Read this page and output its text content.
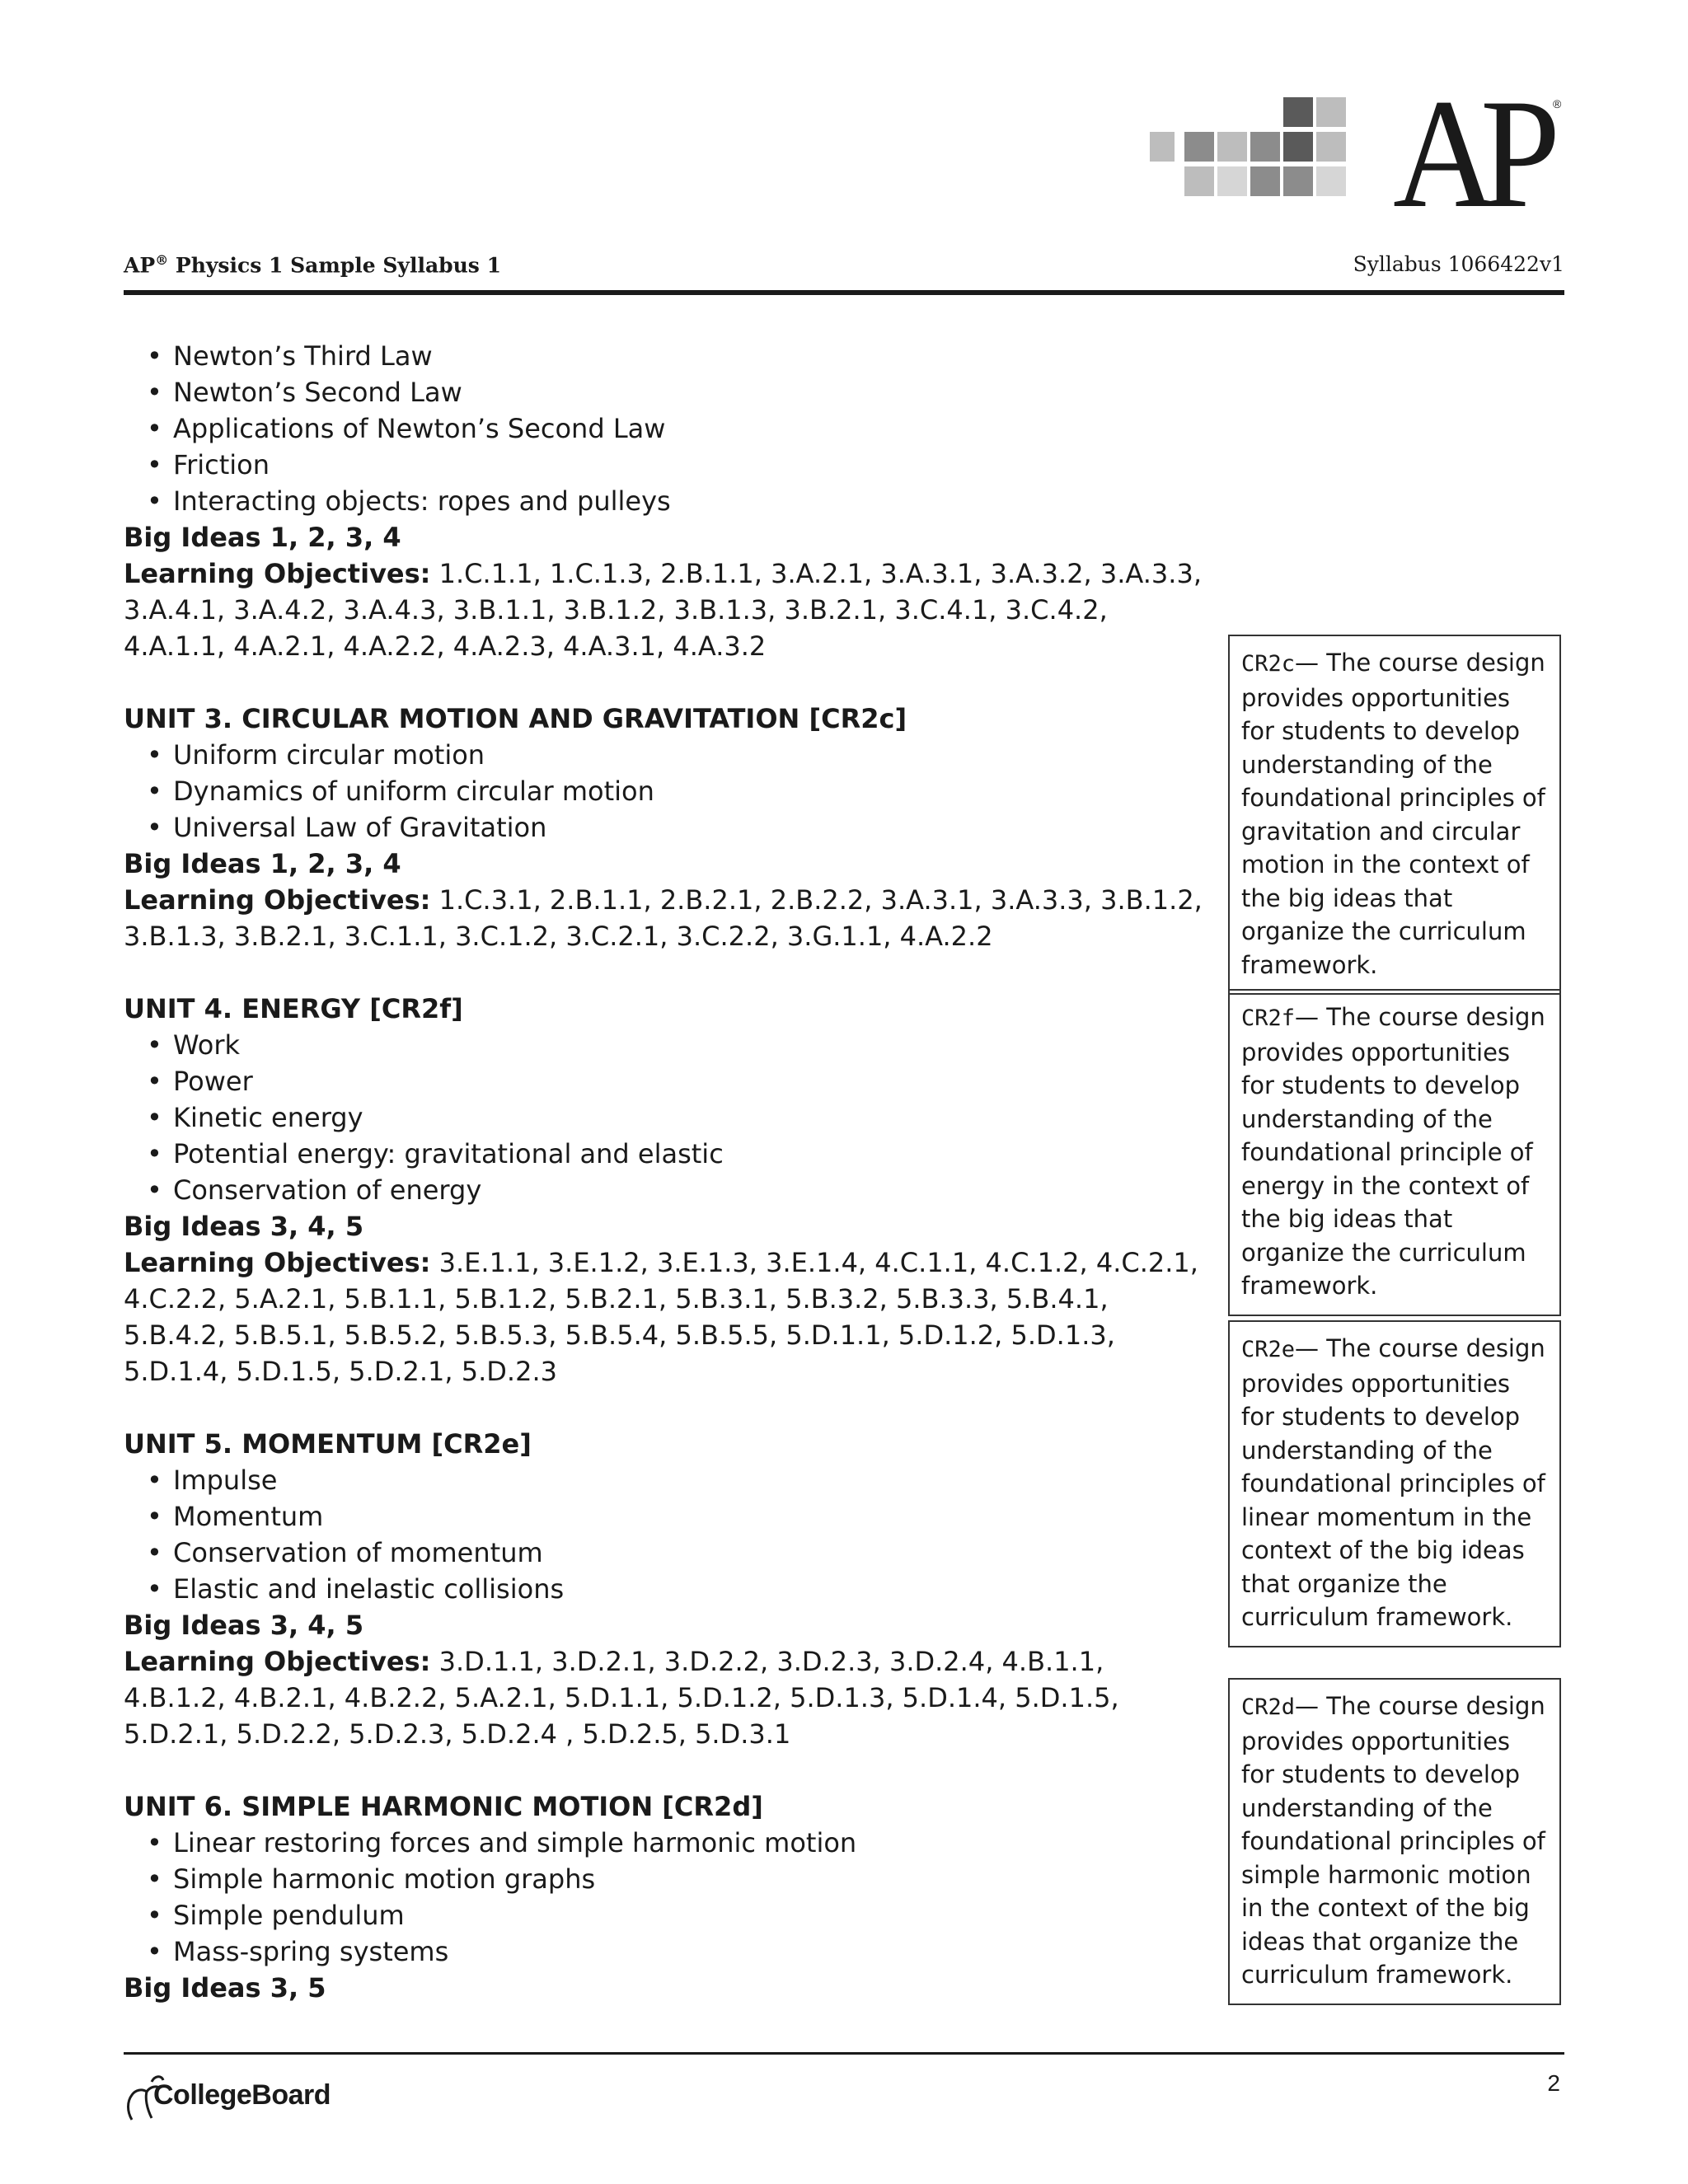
AP ®
AP® Physics 1 Sample Syllabus 1	Syllabus 1066422v1
• Newton’s Third Law
• Newton’s Second Law
• Applications of Newton’s Second Law
• Friction
• Interacting objects: ropes and pulleys
Big Ideas 1, 2, 3, 4
Learning Objectives: 1.C.1.1, 1.C.1.3, 2.B.1.1, 3.A.2.1, 3.A.3.1, 3.A.3.2, 3.A.3.3, 3.A.4.1, 3.A.4.2, 3.A.4.3, 3.B.1.1, 3.B.1.2, 3.B.1.3, 3.B.2.1, 3.C.4.1, 3.C.4.2, 4.A.1.1, 4.A.2.1, 4.A.2.2, 4.A.2.3, 4.A.3.1, 4.A.3.2
UNIT 3. CIRCULAR MOTION AND GRAVITATION [CR2c]
• Uniform circular motion
• Dynamics of uniform circular motion
• Universal Law of Gravitation
Big Ideas 1, 2, 3, 4
Learning Objectives: 1.C.3.1, 2.B.1.1, 2.B.2.1, 2.B.2.2, 3.A.3.1, 3.A.3.3, 3.B.1.2, 3.B.1.3, 3.B.2.1, 3.C.1.1, 3.C.1.2, 3.C.2.1, 3.C.2.2, 3.G.1.1, 4.A.2.2
UNIT 4. ENERGY [CR2f]
• Work
• Power
• Kinetic energy
• Potential energy: gravitational and elastic
• Conservation of energy
Big Ideas 3, 4, 5
Learning Objectives: 3.E.1.1, 3.E.1.2, 3.E.1.3, 3.E.1.4, 4.C.1.1, 4.C.1.2, 4.C.2.1, 4.C.2.2, 5.A.2.1, 5.B.1.1, 5.B.1.2, 5.B.2.1, 5.B.3.1, 5.B.3.2, 5.B.3.3, 5.B.4.1, 5.B.4.2, 5.B.5.1, 5.B.5.2, 5.B.5.3, 5.B.5.4, 5.B.5.5, 5.D.1.1, 5.D.1.2, 5.D.1.3, 5.D.1.4, 5.D.1.5, 5.D.2.1, 5.D.2.3
UNIT 5. MOMENTUM [CR2e]
• Impulse
• Momentum
• Conservation of momentum
• Elastic and inelastic collisions
Big Ideas 3, 4, 5
Learning Objectives: 3.D.1.1, 3.D.2.1, 3.D.2.2, 3.D.2.3, 3.D.2.4, 4.B.1.1, 4.B.1.2, 4.B.2.1, 4.B.2.2, 5.A.2.1, 5.D.1.1, 5.D.1.2, 5.D.1.3, 5.D.1.4, 5.D.1.5, 5.D.2.1, 5.D.2.2, 5.D.2.3, 5.D.2.4 , 5.D.2.5, 5.D.3.1
UNIT 6. SIMPLE HARMONIC MOTION [CR2d]
• Linear restoring forces and simple harmonic motion
• Simple harmonic motion graphs
• Simple pendulum
• Mass-spring systems
Big Ideas 3, 5
CR2c— The course design provides opportunities for students to develop understanding of the foundational principles of gravitation and circular motion in the context of the big ideas that organize the curriculum framework.
CR2f— The course design provides opportunities for students to develop understanding of the foundational principle of energy in the context of the big ideas that organize the curriculum framework.
CR2e— The course design provides opportunities for students to develop understanding of the foundational principles of linear momentum in the context of the big ideas that organize the curriculum framework.
CR2d— The course design provides opportunities for students to develop understanding of the foundational principles of simple harmonic motion in the context of the big ideas that organize the curriculum framework.
CollegeBoard	2
